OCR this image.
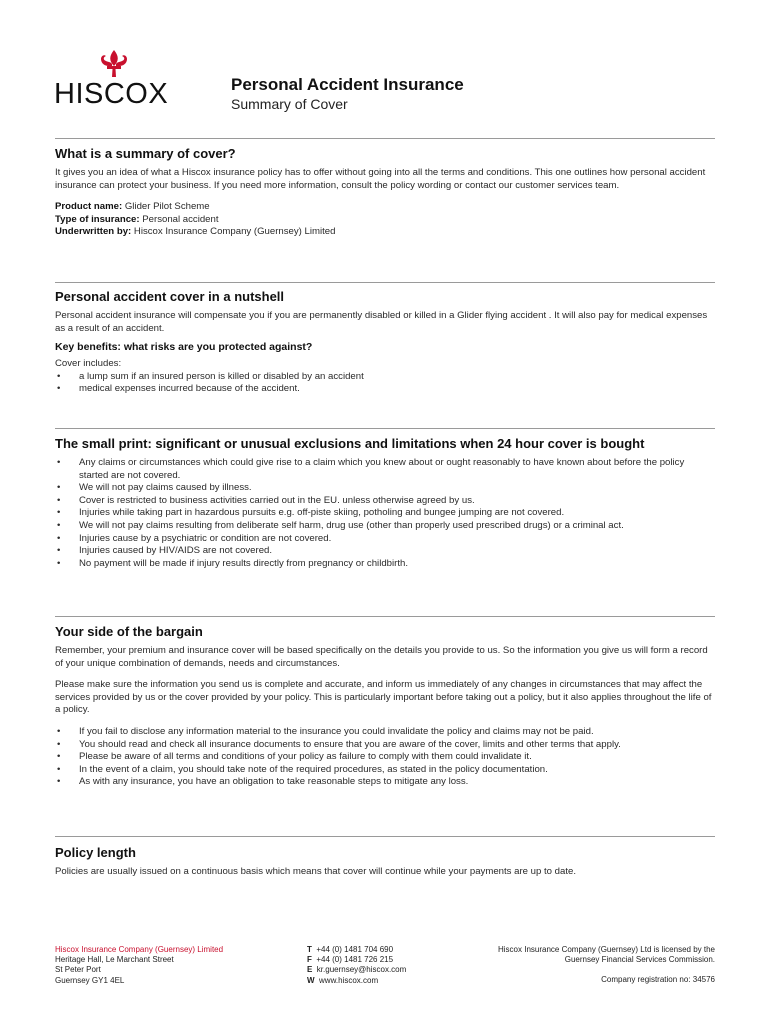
HISCOX	Personal Accident Insurance
Summary of Cover
What is a summary of cover?

It gives you an idea of what a Hiscox insurance policy has to offer without going into all the terms and conditions. This one outlines how personal accident insurance can protect your business. If you need more information, consult the policy wording or contact our customer services team.

Product name: Glider Pilot Scheme
Type of insurance: Personal accident
Underwritten by: Hiscox Insurance Company (Guernsey) Limited
Personal accident cover in a nutshell

Personal accident insurance will compensate you if you are permanently disabled or killed in a Glider flying accident . It will also pay for medical expenses as a result of an accident.

Key benefits: what risks are you protected against?

Cover includes:

• a lump sum if an insured person is killed or disabled by an accident
• medical expenses incurred because of the accident.
The small print: significant or unusual exclusions and limitations when 24 hour cover is bought
• Any claims or circumstances which could give rise to a claim which you knew about or ought reasonably to have known about before the policy started are not covered.
• We will not pay claims caused by illness.
• Cover is restricted to business activities carried out in the EU. unless otherwise agreed by us.
• Injuries while taking part in hazardous pursuits e.g. off-piste skiing, potholing and bungee jumping are not covered.
• We will not pay claims resulting from deliberate self harm, drug use (other than properly used prescribed drugs) or a criminal act.
• Injuries cause by a psychiatric or condition are not covered.
• Injuries caused by HIV/AIDS are not covered.
• No payment will be made if injury results directly from pregnancy or childbirth.
Your side of the bargain

Remember, your premium and insurance cover will be based specifically on the details you provide to us. So the information you give us will form a record of your unique combination of demands, needs and circumstances.

Please make sure the information you send us is complete and accurate, and inform us immediately of any changes in circumstances that may affect the services provided by us or the cover provided by your policy. This is particularly important before taking out a policy, but it also applies throughout the life of a policy.

• If you fail to disclose any information material to the insurance you could invalidate the policy and claims may not be paid.
• You should read and check all insurance documents to ensure that you are aware of the cover, limits and other terms that apply.
• Please be aware of all terms and conditions of your policy as failure to comply with them could invalidate it.
• In the event of a claim, you should take note of the required procedures, as stated in the policy documentation.
• As with any insurance, you have an obligation to take reasonable steps to mitigate any loss.
Policy length

Policies are usually issued on a continuous basis which means that cover will continue while your payments are up to date.

Hiscox Insurance Company (Guernsey) Limited
Heritage Hall, Le Marchant Street
St Peter Port
Guernsey GY1 4EL
T +44 (0) 1481 704 690
F +44 (0) 1481 726 215
E kr.guernsey@hiscox.com
W www.hiscox.com
Hiscox Insurance Company (Guernsey) Ltd is licensed by the
Guernsey Financial Services Commission.
Company registration no: 34576
